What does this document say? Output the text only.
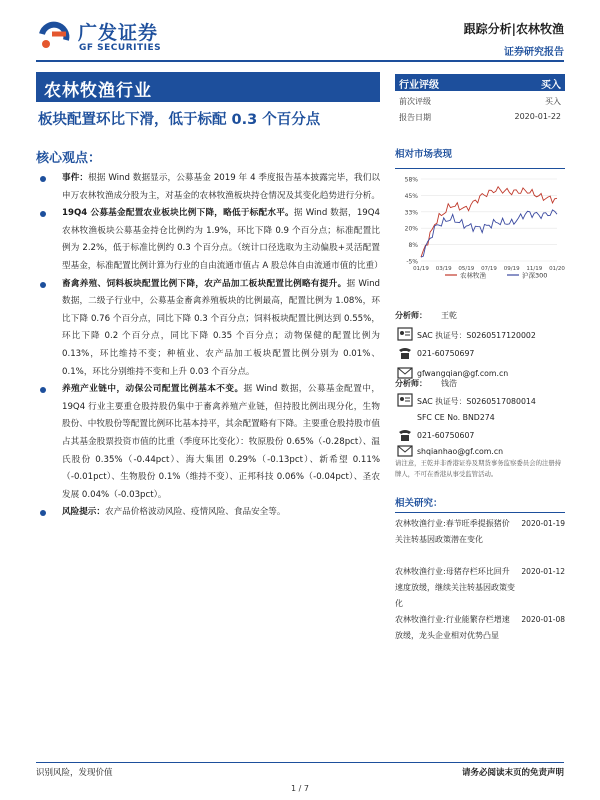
广发证券
GF SECURITIES
跟踪分析|农林牧渔
证券研究报告
农林牧渔行业
板块配置环比下滑，低于标配 0.3 个百分点
核心观点：
事件：根据 Wind 数据显示，公募基金 2019 年 4 季度报告基本披露完毕，我们以申万农林牧渔成分股为主，对基金的农林牧渔板块持仓情况及其变化趋势进行分析。
19Q4 公募基金配置农业板块比例下降，略低于标配水平。据 Wind 数据，19Q4 农林牧渔板块公募基金持仓比例约为 1.9%，环比下降 0.9 个百分点；标准配置比例为 2.2%，低于标准比例约 0.3 个百分点。（统计口径选取为主动偏股+灵活配置型基金，标准配置比例计算为行业的自由流通市值占 A 股总体自由流通市值的比重）
畜禽养殖、饲料板块配置比例下降，农产品加工板块配置比例略有提升。据 Wind 数据，二级子行业中，公募基金畜禽养殖板块的比例最高，配置比例为 1.08%，环比下降 0.76 个百分点，同比下降 0.3 个百分点；饲料板块配置比例达到 0.55%，环比下降 0.2 个百分点，同比下降 0.35 个百分点；动物保健的配置比例为 0.13%，环比维持不变；种植业、农产品加工板块配置比例分别为 0.01%、0.1%，环比分别维持不变和上升 0.03 个百分点。
养殖产业链中，动保公司配置比例基本不变。据 Wind 数据，公募基金配置中，19Q4 行业主要重仓股持股仍集中于畜禽养殖产业链，但持股比例出现分化，生物股份、中牧股份等配置比例环比基本持平，其余配置略有下降。主要重仓股持股市值占其基金股票投资市值的比重（季度环比变化）：牧原股份 0.65%（-0.28pct）、温氏股份 0.35%（-0.44pct）、海大集团 0.29%（-0.13pct）、新希望 0.11%（-0.01pct）、生物股份 0.1%（维持不变）、正邦科技 0.06%（-0.04pct）、圣农发展 0.04%（-0.03pct）。
风险提示：农产品价格波动风险、疫情风险、食品安全等。
行业评级	买入
前次评级	买入
报告日期	2020-01-22
相对市场表现
58%
45%
33%
20%
8%
-5%
01/19 03/19 05/19 07/19 09/19 11/19 01/20
农林牧渔	沪深300
分析师： 王乾
SAC 执证号：S0260517120002
021-60750697
gfwangqian@gf.com.cn
分析师： 钱浩
SAC 执证号：S0260517080014
SFC CE No. BND274
021-60750607
shqianhao@gf.com.cn
请注意，王乾并非香港证券及期货事务监察委员会的注册持牌人，不可在香港从事受监管活动。
相关研究：
农林牧渔行业:春节旺季提振猪价 关注转基因政策潜在变化
2020-01-19
农林牧渔行业:母猪存栏环比回升速度放缓，继续关注转基因政策变化
2020-01-12
农林牧渔行业:行业能繁存栏增速放缓，龙头企业相对优势凸显
2020-01-08
识别风险，发现价值	请务必阅读末页的免责声明
1 / 7
